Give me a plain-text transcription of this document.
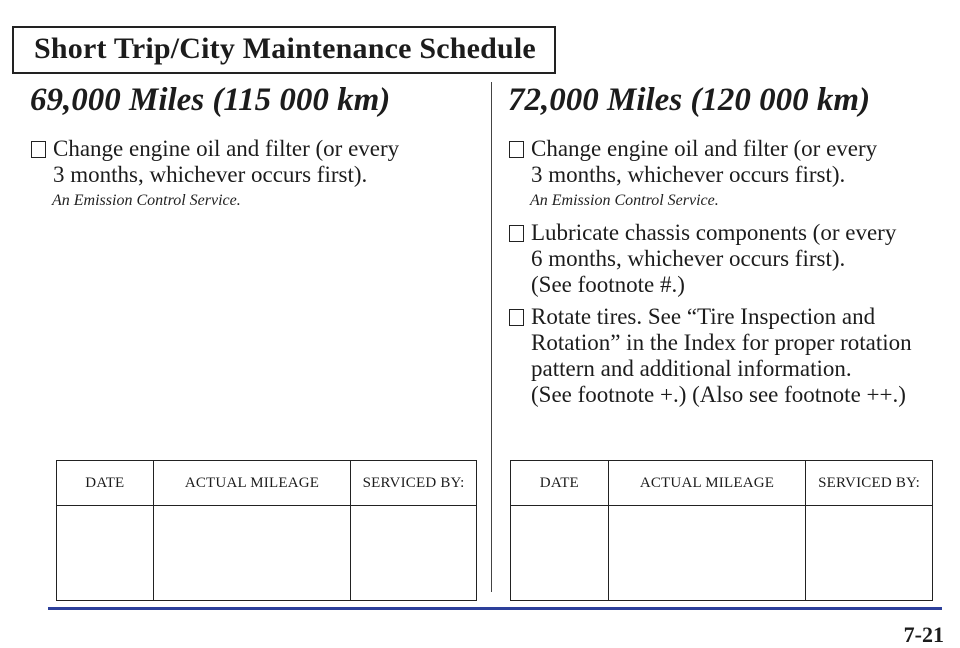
Short Trip/City Maintenance Schedule
69,000 Miles (115 000 km)
Change engine oil and filter (or every
3 months, whichever occurs first).
An Emission Control Service.
72,000 Miles (120 000 km)
Change engine oil and filter (or every
3 months, whichever occurs first).
An Emission Control Service.
Lubricate chassis components (or every
6 months, whichever occurs first).
(See footnote #.)
Rotate tires. See “Tire Inspection and
Rotation” in the Index for proper rotation
pattern and additional information.
(See footnote +.) (Also see footnote ++.)
DATE	ACTUAL MILEAGE	SERVICED BY:
			DATE	ACTUAL MILEAGE	SERVICED BY:

7-21
